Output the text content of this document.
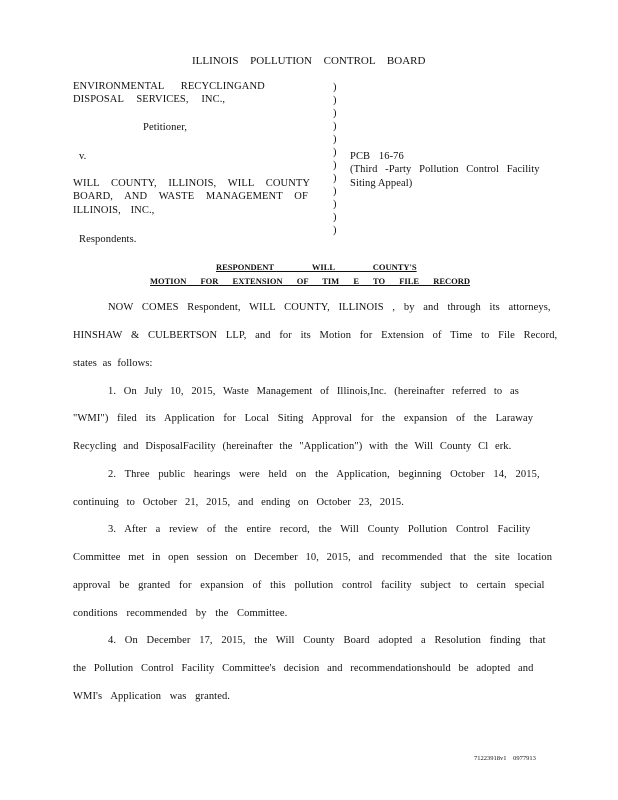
ILLINOIS POLLUTION CONTROL BOARD
ENVIRONMENTAL RECYCLINGAND
DISPOSAL SERVICES, INC.,
Petitioner,
v.
WILL COUNTY, ILLINOIS, WILL COUNTY
BOARD, AND WASTE MANAGEMENT OF
ILLINOIS, INC.,
Respondents.
)
)
)
)
)
)
)
)
)
)
)
)
PCB 16-76
(Third -Party Pollution Control Facility
Siting Appeal)
RESPONDENT WILL COUNTY'S
MOTION FOR EXTENSION OF TIM E TO FILE RECORD
NOW COMES Respondent, WILL COUNTY, ILLINOIS , by and through its attorneys,
HINSHAW & CULBERTSON LLP, and for its Motion for Extension of Time to File Record,
states as follows:
1. On July 10, 2015, Waste Management of Illinois,Inc. (hereinafter referred to as
"WMI") filed its Application for Local Siting Approval for the expansion of the Laraway
Recycling and DisposalFacility (hereinafter the "Application") with the Will County Cl erk.
2. Three public hearings were held on the Application, beginning October 14, 2015,
continuing to October 21, 2015, and ending on October 23, 2015.
3. After a review of the entire record, the Will County Pollution Control Facility
Committee met in open session on December 10, 2015, and recommended that the site location
approval be granted for expansion of this pollution control facility subject to certain special
conditions recommended by the Committee.
4. On December 17, 2015, the Will County Board adopted a Resolution finding that
the Pollution Control Facility Committee's decision and recommendationshould be adopted and
WMI's Application was granted.
71223918v1 0977913
